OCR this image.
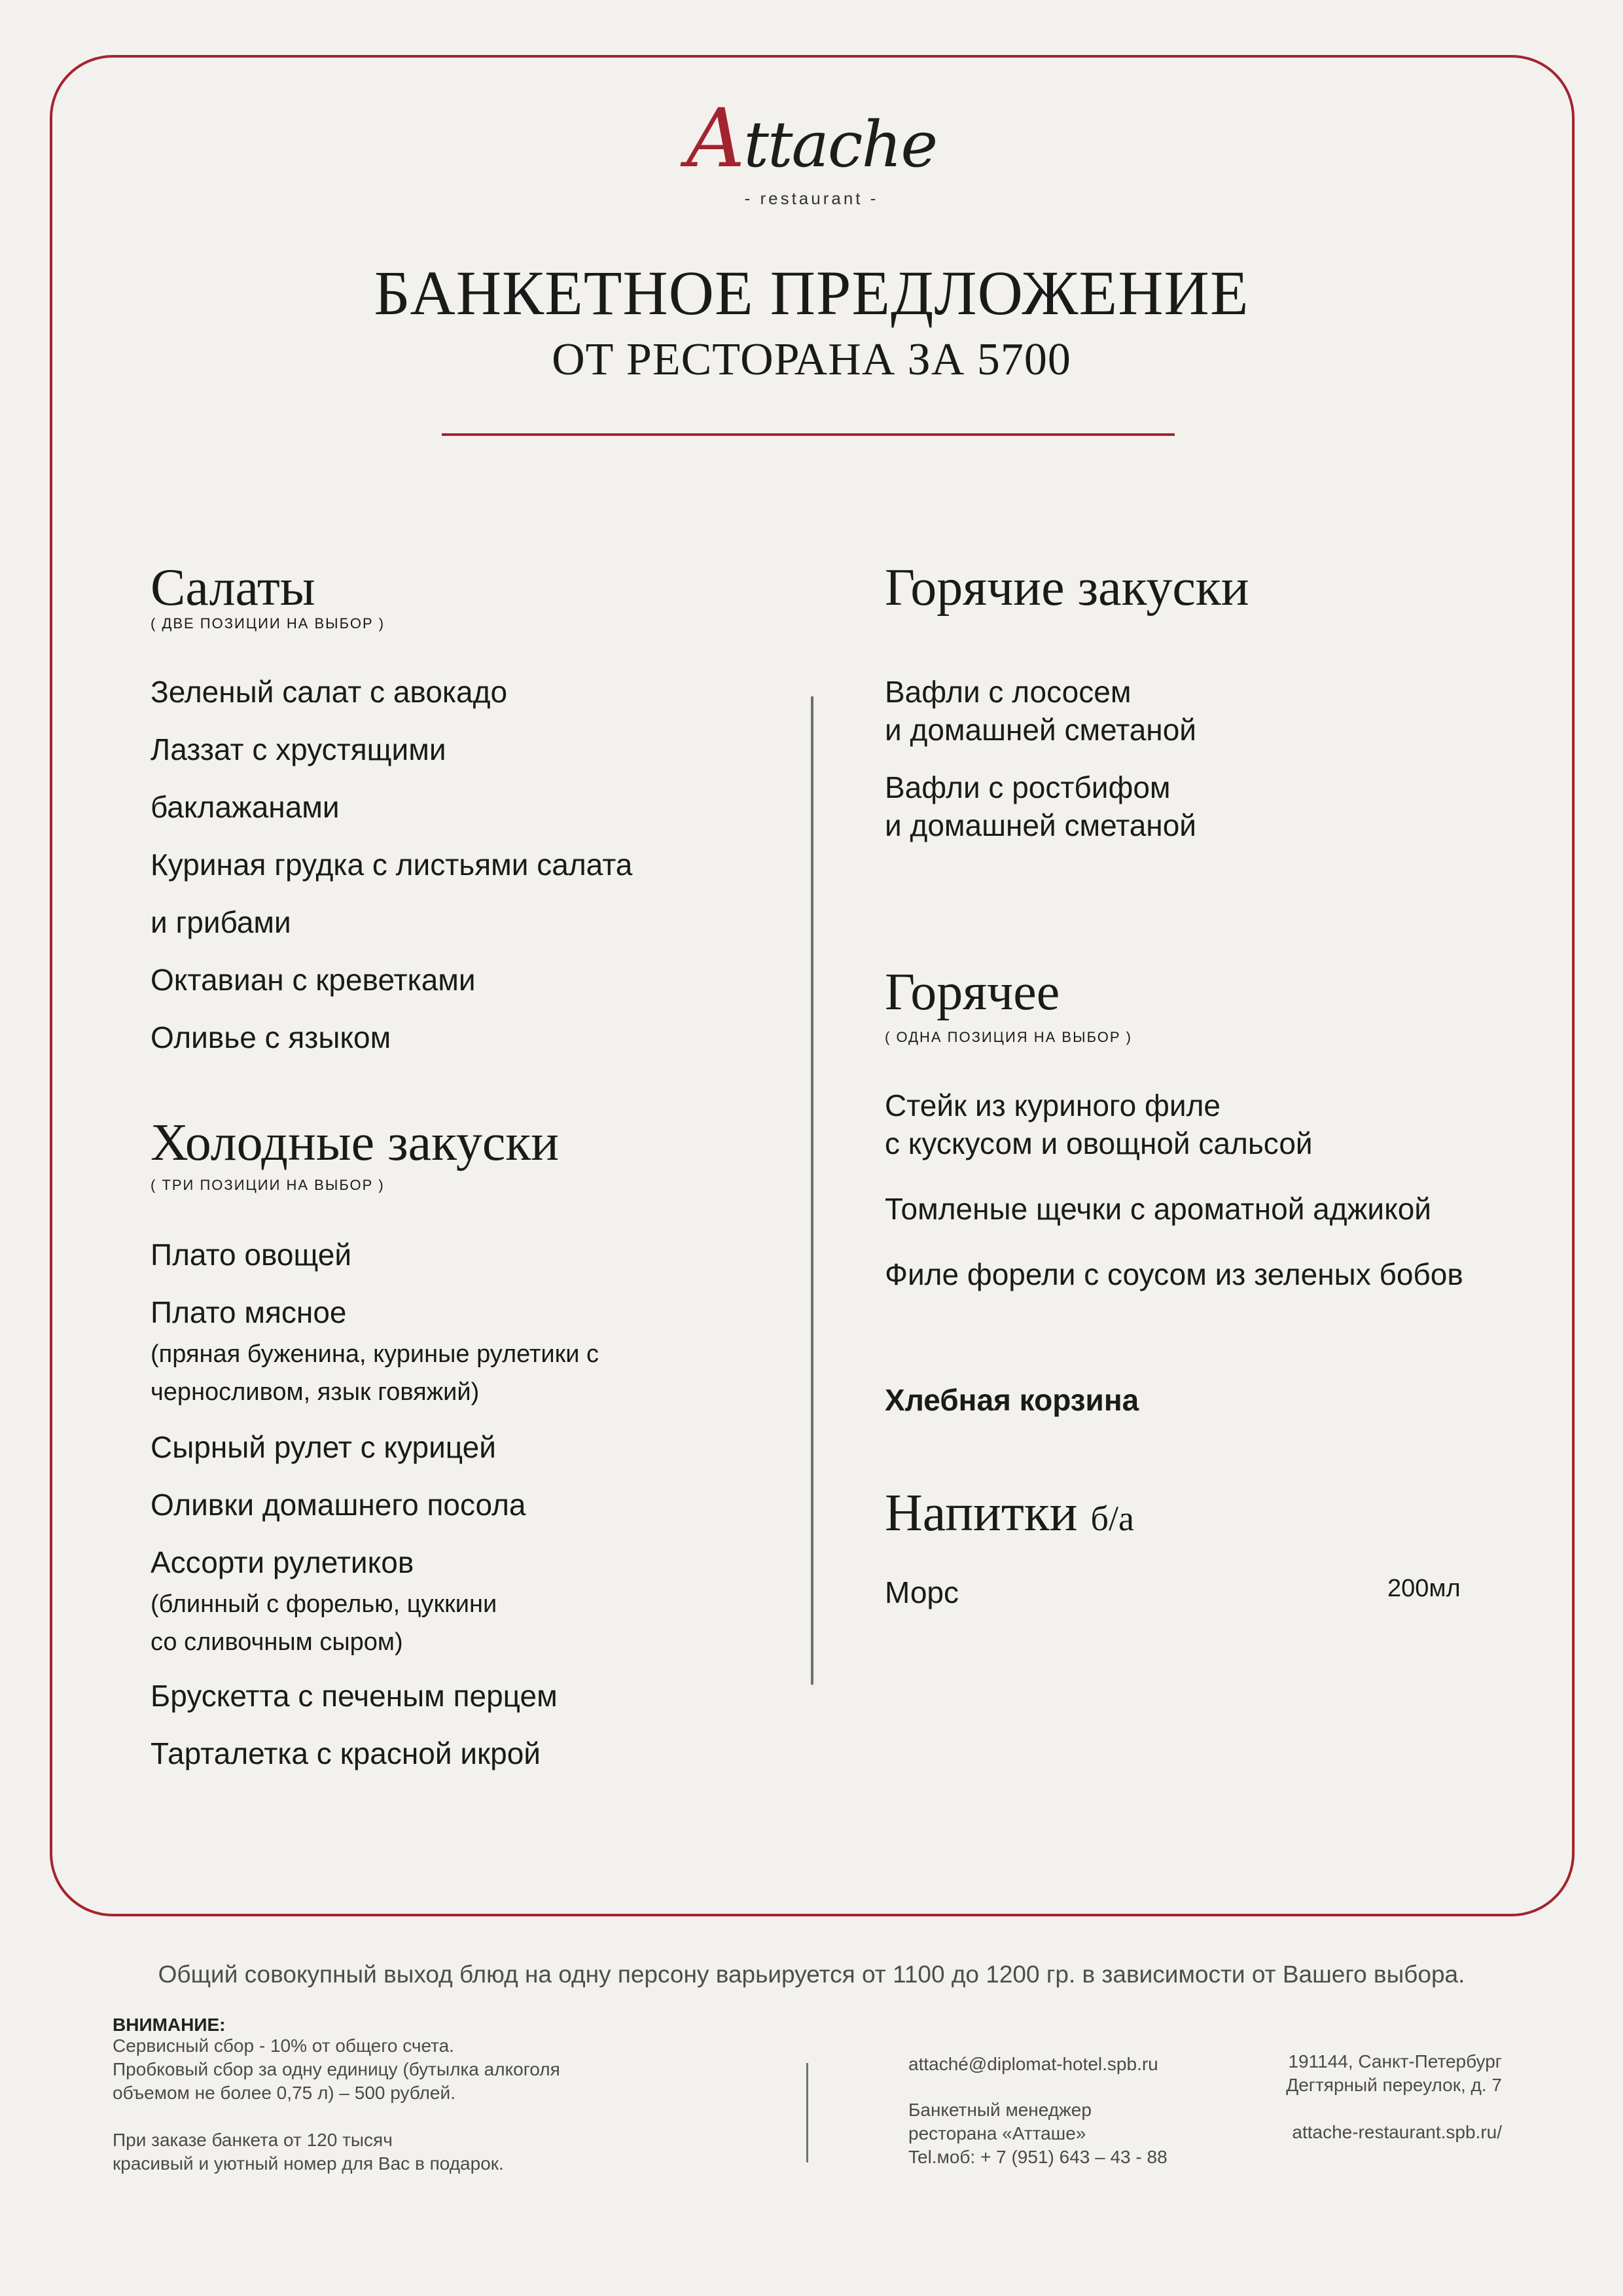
Attache
- restaurant -
БАНКЕТНОЕ ПРЕДЛОЖЕНИЕ
ОТ РЕСТОРАНА ЗА 5700
Салаты
( ДВЕ ПОЗИЦИИ НА ВЫБОР )
Зеленый салат с авокадо
Лаззат с хрустящими
баклажанами
Куриная грудка с листьями салата
и грибами
Октавиан с креветками
Оливье с языком
Холодные закуски
( ТРИ ПОЗИЦИИ НА ВЫБОР )
Плато овощей
Плато мясное
(пряная буженина, куриные рулетики с
черносливом, язык говяжий)
Сырный рулет с курицей
Оливки домашнего посола
Ассорти рулетиков
(блинный с форелью, цуккини
со сливочным сыром)
Брускетта с печеным перцем
Тарталетка с красной икрой
Горячие закуски
Вафли с лососем
и домашней сметаной
Вафли с ростбифом
и домашней сметаной
Горячее
( ОДНА ПОЗИЦИЯ НА ВЫБОР )
Стейк из куриного филе
с кускусом и овощной сальсой
Томленые щечки с ароматной аджикой
Филе форели с соусом из зеленых бобов
Хлебная корзина
Напитки б/а
Морс	200мл
Общий совокупный выход блюд на одну персону варьируется от 1100 до 1200 гр. в зависимости от Вашего выбора.
ВНИМАНИЕ:
Сервисный сбор - 10% от общего счета.
Пробковый сбор за одну единицу (бутылка алкоголя
объемом не более 0,75 л) – 500 рублей.
При заказе банкета от 120 тысяч
красивый и уютный номер для Вас в подарок.
attaché@diplomat-hotel.spb.ru
Банкетный менеджер
ресторана «Атташе»
Tel.моб: + 7 (951) 643 – 43 - 88
191144, Санкт-Петербург
Дегтярный переулок, д. 7
attache-restaurant.spb.ru/
